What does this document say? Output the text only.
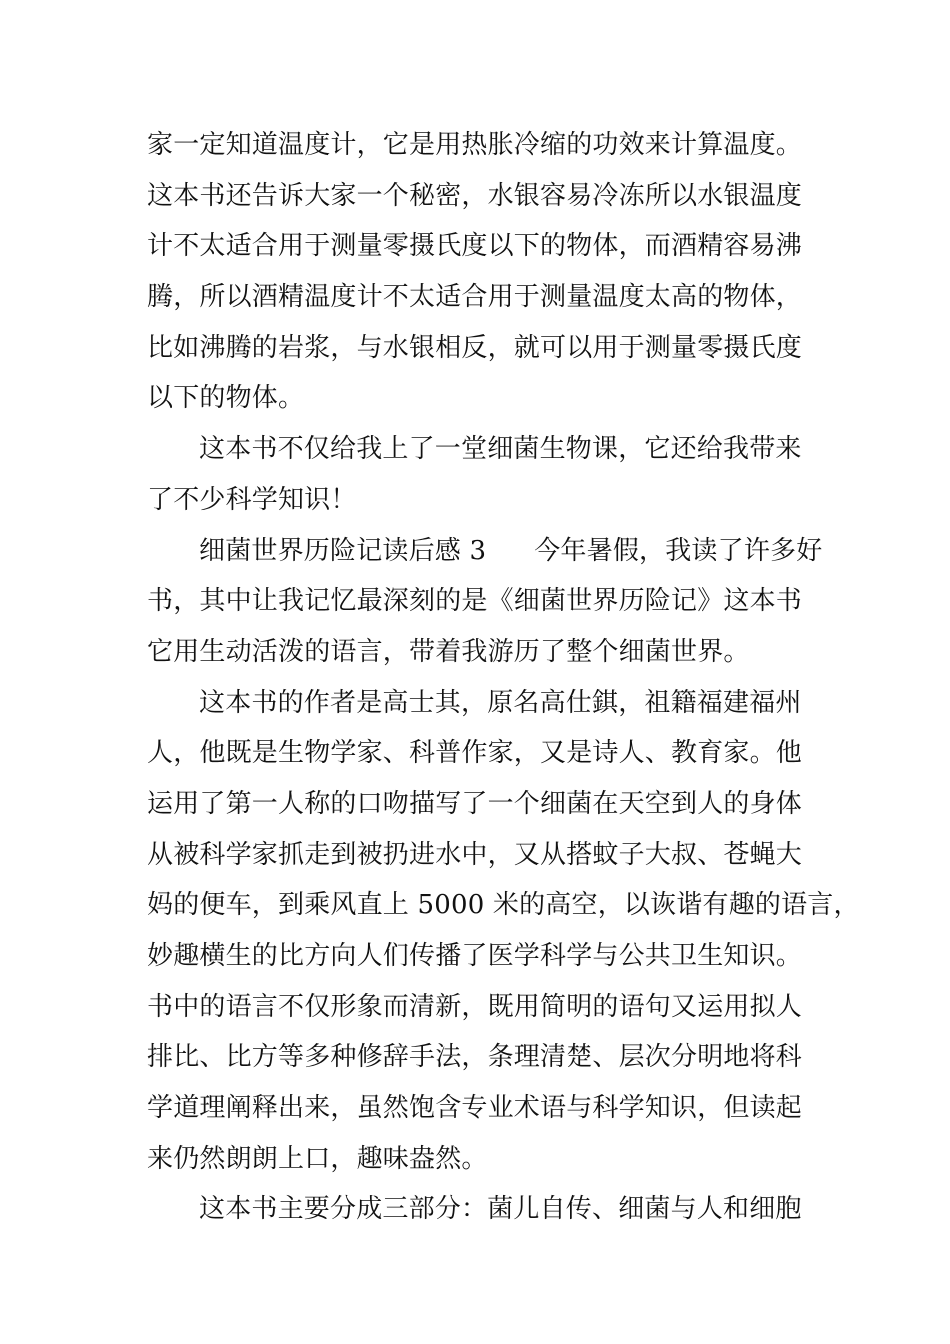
家一定知道温度计，它是用热胀冷缩的功效来计算温度。
这本书还告诉大家一个秘密，水银容易冷冻所以水银温度
计不太适合用于测量零摄氏度以下的物体，而酒精容易沸
腾，所以酒精温度计不太适合用于测量温度太高的物体，
比如沸腾的岩浆，与水银相反，就可以用于测量零摄氏度
以下的物体。
这本书不仅给我上了一堂细菌生物课，它还给我带来
了不少科学知识！
细菌世界历险记读后感 3 今年暑假，我读了许多好
书，其中让我记忆最深刻的是《细菌世界历险记》这本书
它用生动活泼的语言，带着我游历了整个细菌世界。
这本书的作者是高士其，原名高仕錤，祖籍福建福州
人，他既是生物学家、科普作家，又是诗人、教育家。他
运用了第一人称的口吻描写了一个细菌在天空到人的身体
从被科学家抓走到被扔进水中，又从搭蚊子大叔、苍蝇大
妈的便车，到乘风直上 5000 米的高空，以诙谐有趣的语言，
妙趣横生的比方向人们传播了医学科学与公共卫生知识。
书中的语言不仅形象而清新，既用简明的语句又运用拟人
排比、比方等多种修辞手法，条理清楚、层次分明地将科
学道理阐释出来，虽然饱含专业术语与科学知识，但读起
来仍然朗朗上口，趣味盎然。
这本书主要分成三部分：菌儿自传、细菌与人和细胞
